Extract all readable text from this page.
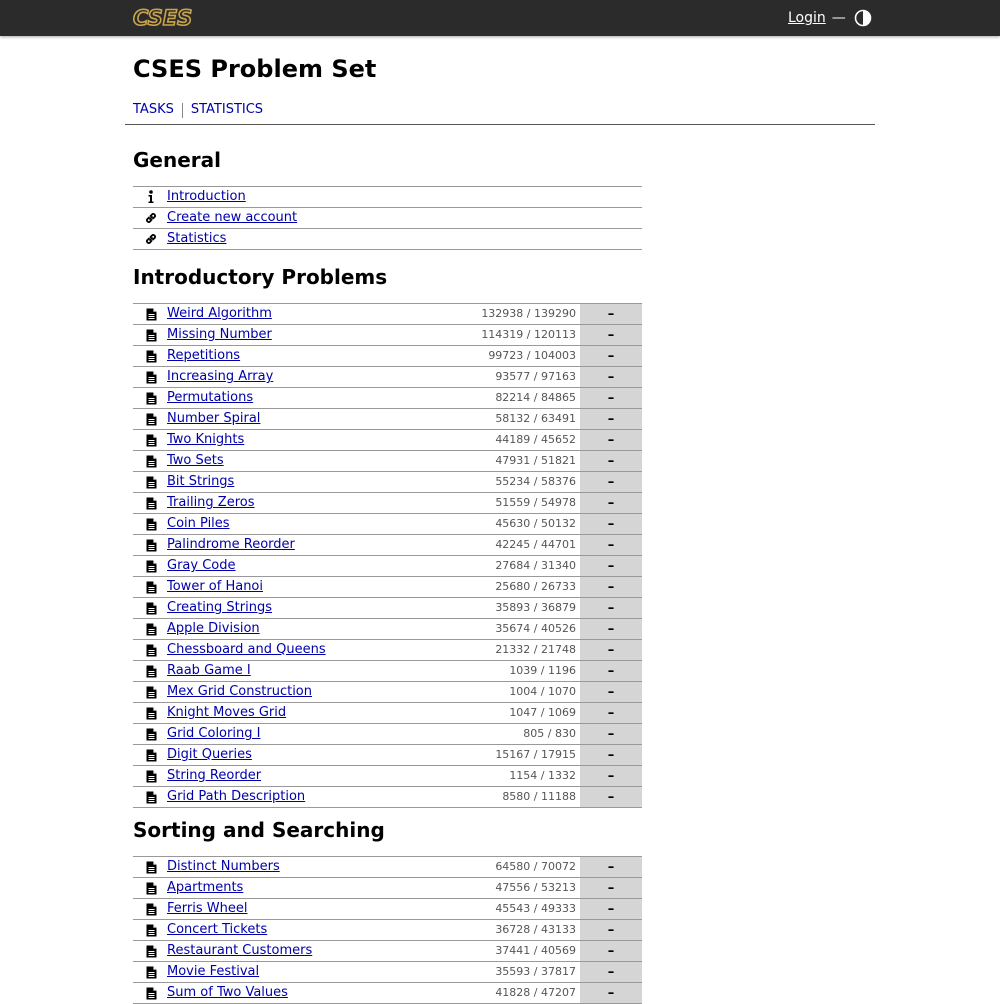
CSES	Login —
CSES Problem Set
TASKS STATISTICS
General
Introduction
Create new account
Statistics
Introductory Problems
Weird Algorithm	132938 / 139290	–
Missing Number	114319 / 120113	–
Repetitions	99723 / 104003	–
Increasing Array	93577 / 97163	–
Permutations	82214 / 84865	–
Number Spiral	58132 / 63491	–
Two Knights	44189 / 45652	–
Two Sets	47931 / 51821	–
Bit Strings	55234 / 58376	–
Trailing Zeros	51559 / 54978	–
Coin Piles	45630 / 50132	–
Palindrome Reorder	42245 / 44701	–
Gray Code	27684 / 31340	–
Tower of Hanoi	25680 / 26733	–
Creating Strings	35893 / 36879	–
Apple Division	35674 / 40526	–
Chessboard and Queens	21332 / 21748	–
Raab Game I	1039 / 1196	–
Mex Grid Construction	1004 / 1070	–
Knight Moves Grid	1047 / 1069	–
Grid Coloring I	805 / 830	–
Digit Queries	15167 / 17915	–
String Reorder	1154 / 1332	–
Grid Path Description	8580 / 11188	–
Sorting and Searching
Distinct Numbers	64580 / 70072	–
Apartments	47556 / 53213	–
Ferris Wheel	45543 / 49333	–
Concert Tickets	36728 / 43133	–
Restaurant Customers	37441 / 40569	–
Movie Festival	35593 / 37817	–
Sum of Two Values	41828 / 47207	–
